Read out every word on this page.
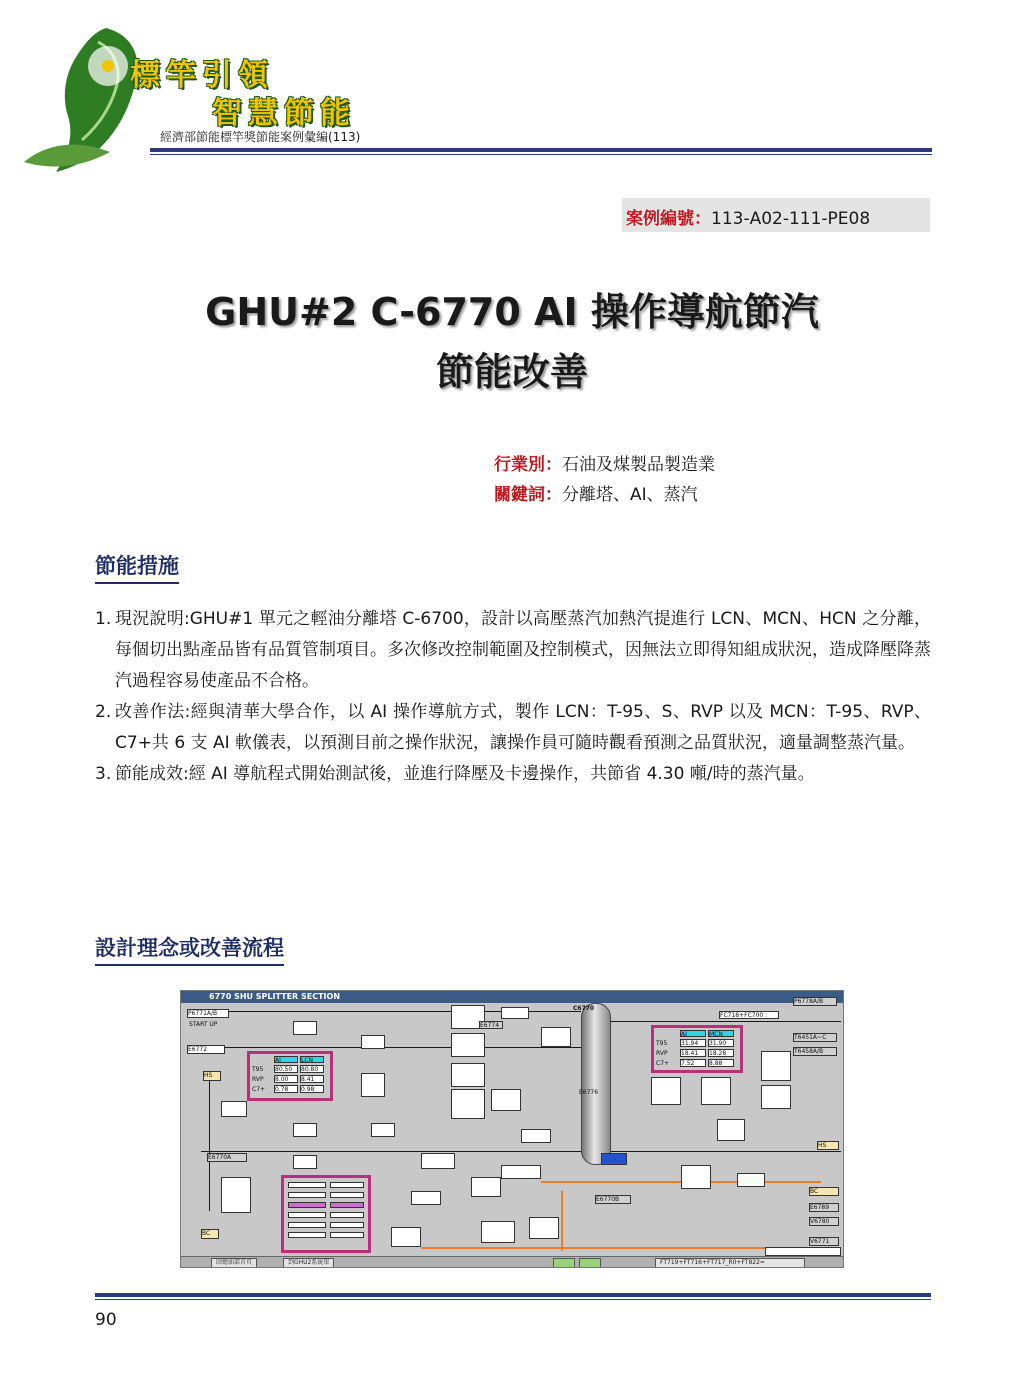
標竿引領
智慧節能
經濟部節能標竿獎節能案例彙編(113)
案例編號：113-A02-111-PE08
GHU#2 C-6770 AI 操作導航節汽
節能改善
行業別：石油及煤製品製造業
關鍵詞：分離塔、AI、蒸汽
節能措施
1. 現況說明:GHU#1 單元之輕油分離塔 C-6700，設計以高壓蒸汽加熱汽提進行 LCN、MCN、HCN 之分離，每個切出點產品皆有品質管制項目。多次修改控制範圍及控制模式，因無法立即得知組成狀況，造成降壓降蒸汽過程容易使產品不合格。
2. 改善作法:經與清華大學合作，以 AI 操作導航方式，製作 LCN：T-95、S、RVP 以及 MCN：T-95、RVP、C7+共 6 支 AI 軟儀表，以預測目前之操作狀況，讓操作員可隨時觀看預測之品質狀況，適量調整蒸汽量。
3. 節能成效:經 AI 導航程式開始測試後，並進行降壓及卡邊操作，共節省 4.30 噸/時的蒸汽量。
設計理念或改善流程
6770 SHU SPLITTER SECTION
P6771A/B
START UP
E6772
HS
E6770A
BC
AI	LCN
T95 80.50	80.80
RVP 8.00	8.41
C7+ 0.78	0.98
C6770
E6774
E6776
E6770B
FC718+FC700 :
T6451A~C
T6458A/B
P6778A/B
HS
BC
E6789
V6780
V6771
AI	MCN
T95 31.94	31.90
RVP 18.41	18.28
C7+ 7.52	8.88
回總油部首頁	到GHU2系統單	FT719+FT716+FT717_R0+FT822=
90
